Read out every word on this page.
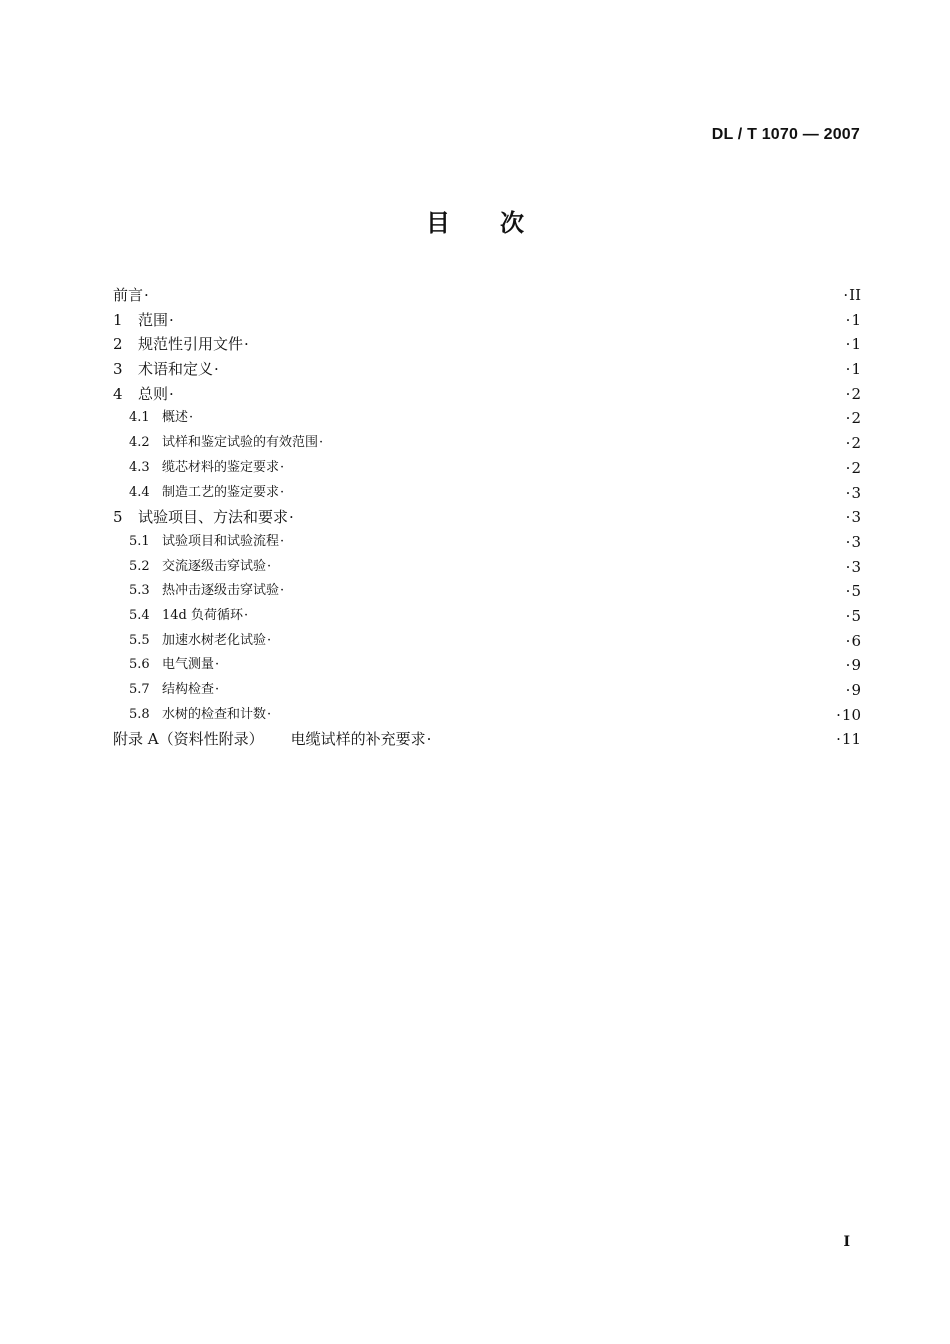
DL / T 1070 — 2007
目 次
前言 ·	· II
1 范围 ·	· 1
2 规范性引用文件 ·	· 1
3 术语和定义 ·	· 1
4 总则 ·	· 2
4.1 概述 ·	· 2
4.2 试样和鉴定试验的有效范围 ·	· 2
4.3 缆芯材料的鉴定要求 ·	· 2
4.4 制造工艺的鉴定要求 ·	· 3
5 试验项目、方法和要求 ·	· 3
5.1 试验项目和试验流程 ·	· 3
5.2 交流逐级击穿试验 ·	· 3
5.3 热冲击逐级击穿试验 ·	· 5
5.4 14d 负荷循环 ·	· 5
5.5 加速水树老化试验 ·	· 6
5.6 电气测量 ·	· 9
5.7 结构检查 ·	· 9
5.8 水树的检查和计数 ·	· 10
附录 A（资料性附录） 电缆试样的补充要求 ·	· 11
I
